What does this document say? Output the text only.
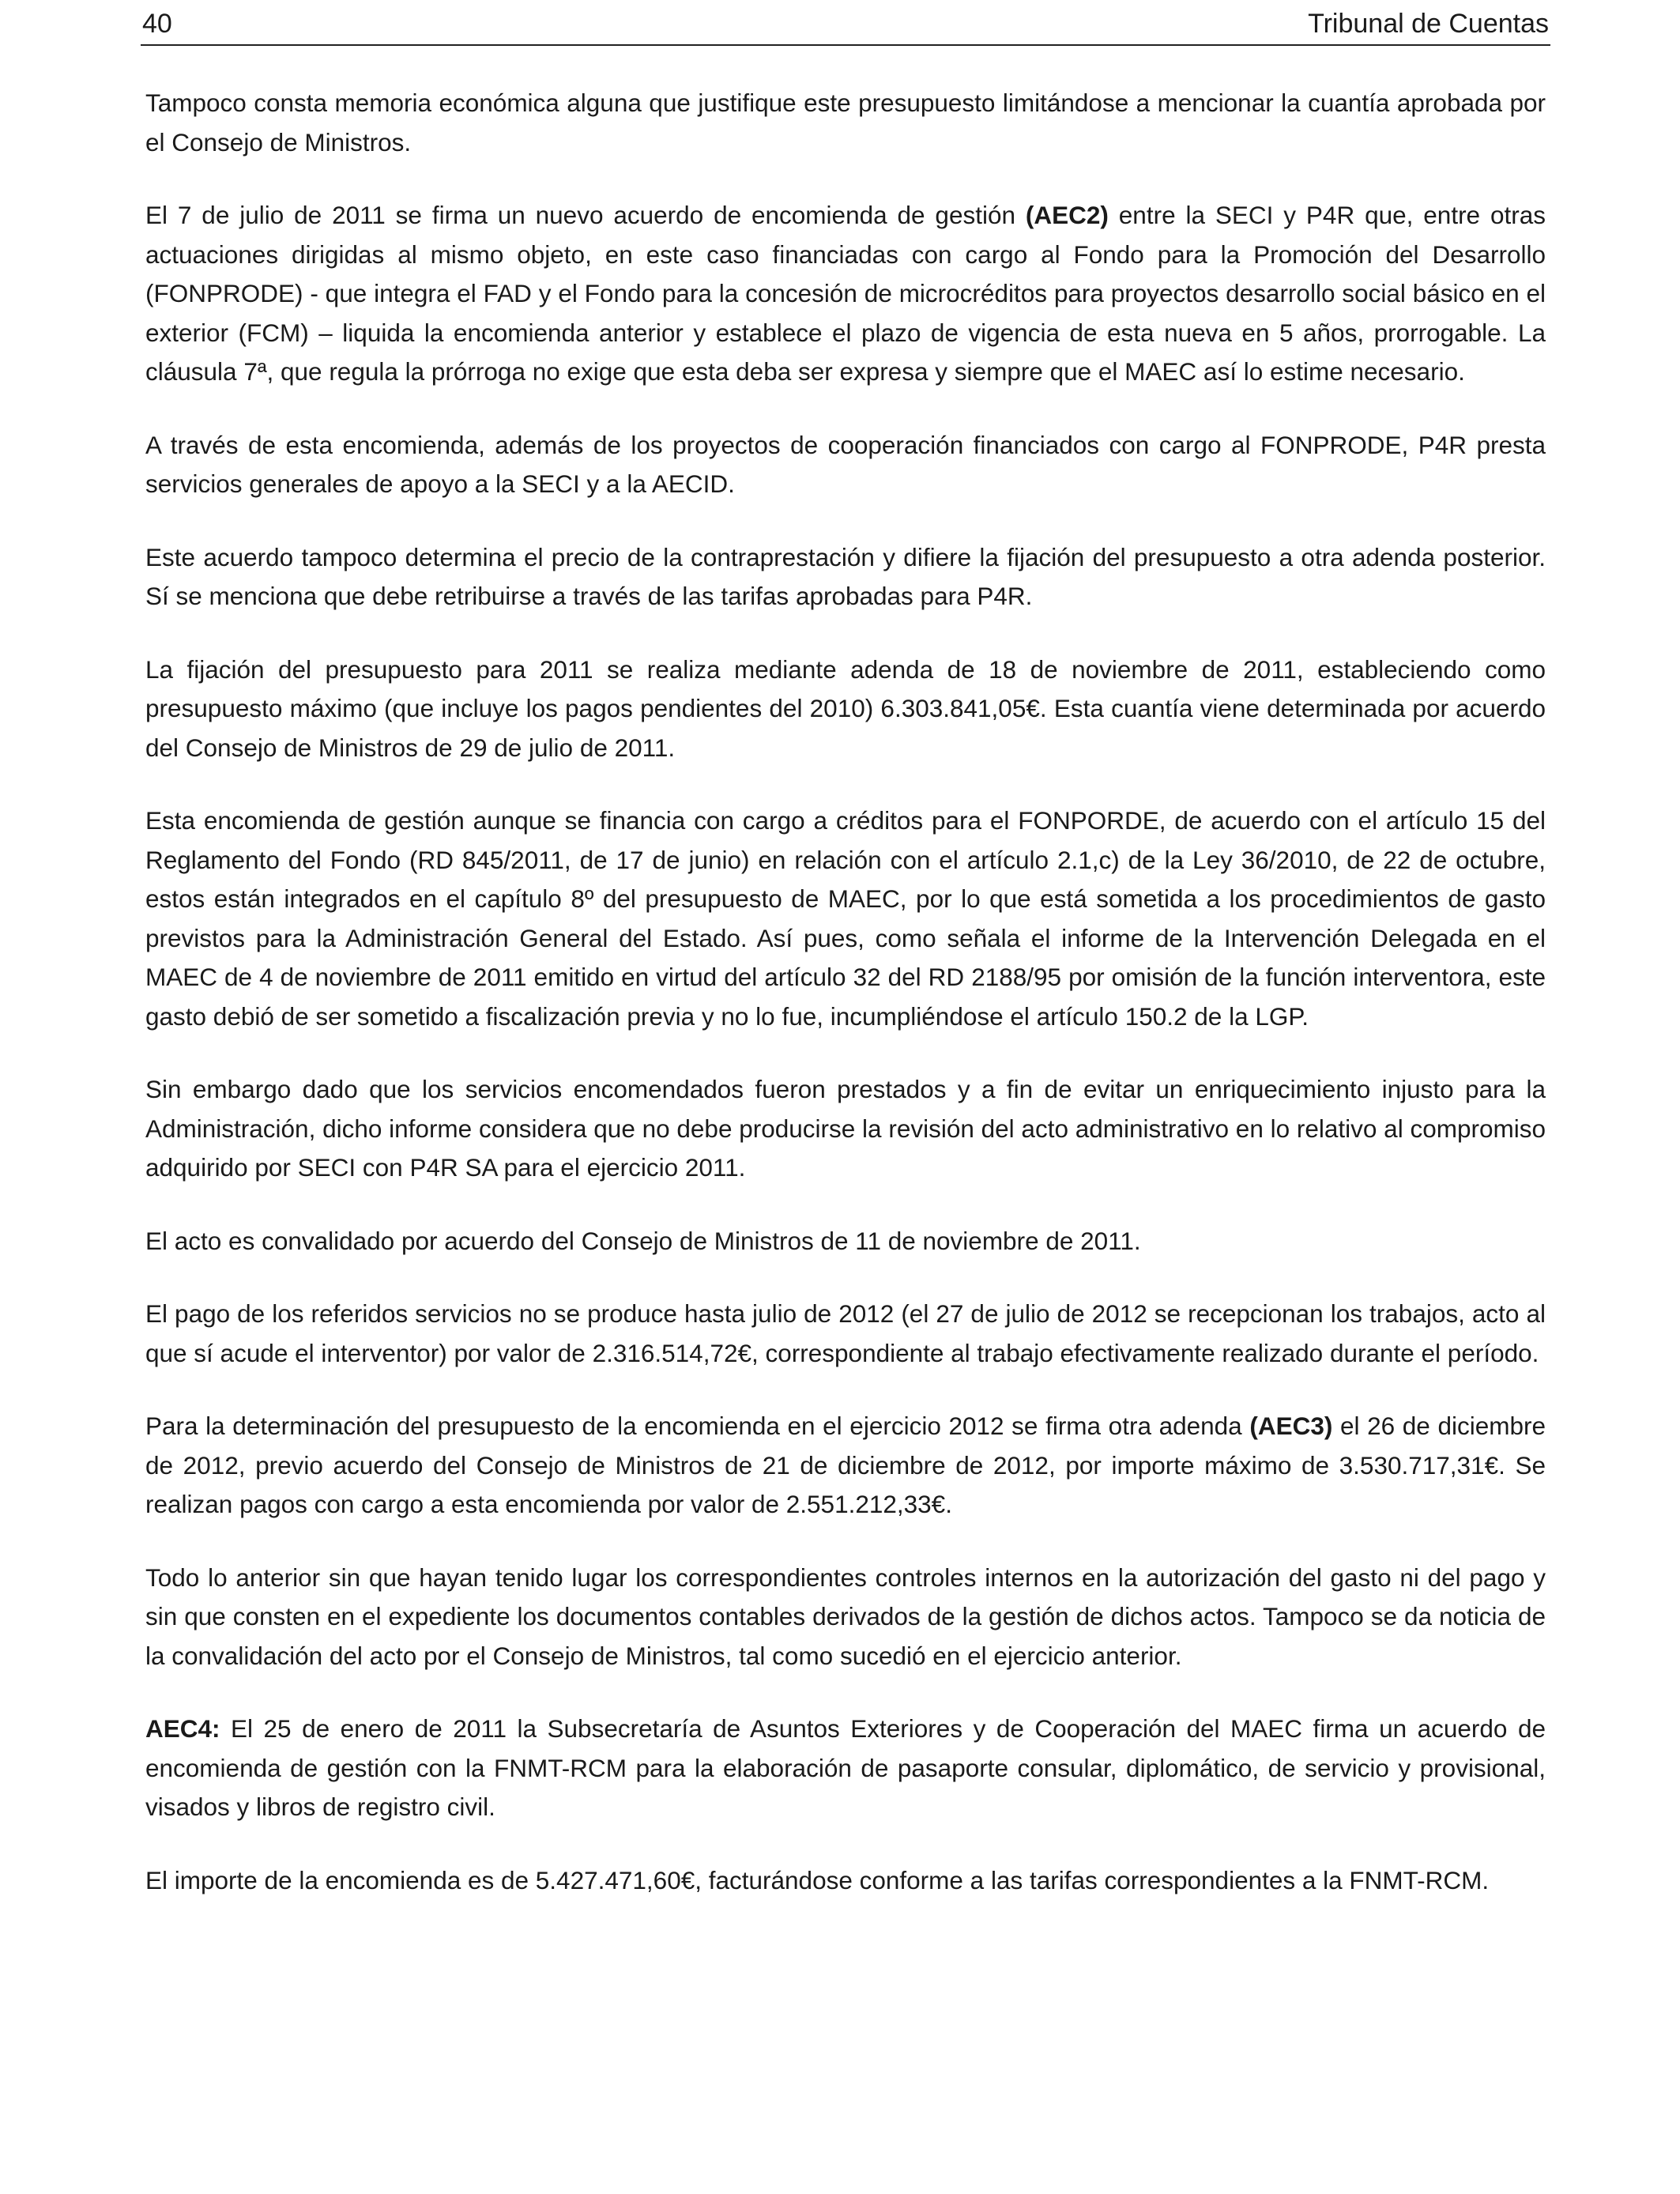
40	Tribunal de Cuentas

Tampoco consta memoria económica alguna que justifique este presupuesto limitándose a mencionar la cuantía aprobada por el Consejo de Ministros.

El 7 de julio de 2011 se firma un nuevo acuerdo de encomienda de gestión (AEC2) entre la SECI y P4R que, entre otras actuaciones dirigidas al mismo objeto, en este caso financiadas con cargo al Fondo para la Promoción del Desarrollo (FONPRODE) - que integra el FAD y el Fondo para la concesión de microcréditos para proyectos desarrollo social básico en el exterior (FCM) – liquida la encomienda anterior y establece el plazo de vigencia de esta nueva en 5 años, prorrogable. La cláusula 7ª, que regula la prórroga no exige que esta deba ser expresa y siempre que el MAEC así lo estime necesario.

A través de esta encomienda, además de los proyectos de cooperación financiados con cargo al FONPRODE, P4R presta servicios generales de apoyo a la SECI y a la AECID.

Este acuerdo tampoco determina el precio de la contraprestación y difiere la fijación del presupuesto a otra adenda posterior. Sí se menciona que debe retribuirse a través de las tarifas aprobadas para P4R.

La fijación del presupuesto para 2011 se realiza mediante adenda de 18 de noviembre de 2011, estableciendo como presupuesto máximo (que incluye los pagos pendientes del 2010) 6.303.841,05€. Esta cuantía viene determinada por acuerdo del Consejo de Ministros de 29 de julio de 2011.

Esta encomienda de gestión aunque se financia con cargo a créditos para el FONPORDE, de acuerdo con el artículo 15 del Reglamento del Fondo (RD 845/2011, de 17 de junio) en relación con el artículo 2.1,c) de la Ley 36/2010, de 22 de octubre, estos están integrados en el capítulo 8º del presupuesto de MAEC, por lo que está sometida a los procedimientos de gasto previstos para la Administración General del Estado. Así pues, como señala el informe de la Intervención Delegada en el MAEC de 4 de noviembre de 2011 emitido en virtud del artículo 32 del RD 2188/95 por omisión de la función interventora, este gasto debió de ser sometido a fiscalización previa y no lo fue, incumpliéndose el artículo 150.2 de la LGP.

Sin embargo dado que los servicios encomendados fueron prestados y a fin de evitar un enriquecimiento injusto para la Administración, dicho informe considera que no debe producirse la revisión del acto administrativo en lo relativo al compromiso adquirido por SECI con P4R SA para el ejercicio 2011.

El acto es convalidado por acuerdo del Consejo de Ministros de 11 de noviembre de 2011.

El pago de los referidos servicios no se produce hasta julio de 2012 (el 27 de julio de 2012 se recepcionan los trabajos, acto al que sí acude el interventor) por valor de 2.316.514,72€, correspondiente al trabajo efectivamente realizado durante el período.

Para la determinación del presupuesto de la encomienda en el ejercicio 2012 se firma otra adenda (AEC3) el 26 de diciembre de 2012, previo acuerdo del Consejo de Ministros de 21 de diciembre de 2012, por importe máximo de 3.530.717,31€. Se realizan pagos con cargo a esta encomienda por valor de 2.551.212,33€.

Todo lo anterior sin que hayan tenido lugar los correspondientes controles internos en la autorización del gasto ni del pago y sin que consten en el expediente los documentos contables derivados de la gestión de dichos actos. Tampoco se da noticia de la convalidación del acto por el Consejo de Ministros, tal como sucedió en el ejercicio anterior.

AEC4: El 25 de enero de 2011 la Subsecretaría de Asuntos Exteriores y de Cooperación del MAEC firma un acuerdo de encomienda de gestión con la FNMT-RCM para la elaboración de pasaporte consular, diplomático, de servicio y provisional, visados y libros de registro civil.

El importe de la encomienda es de 5.427.471,60€, facturándose conforme a las tarifas correspondientes a la FNMT-RCM.
